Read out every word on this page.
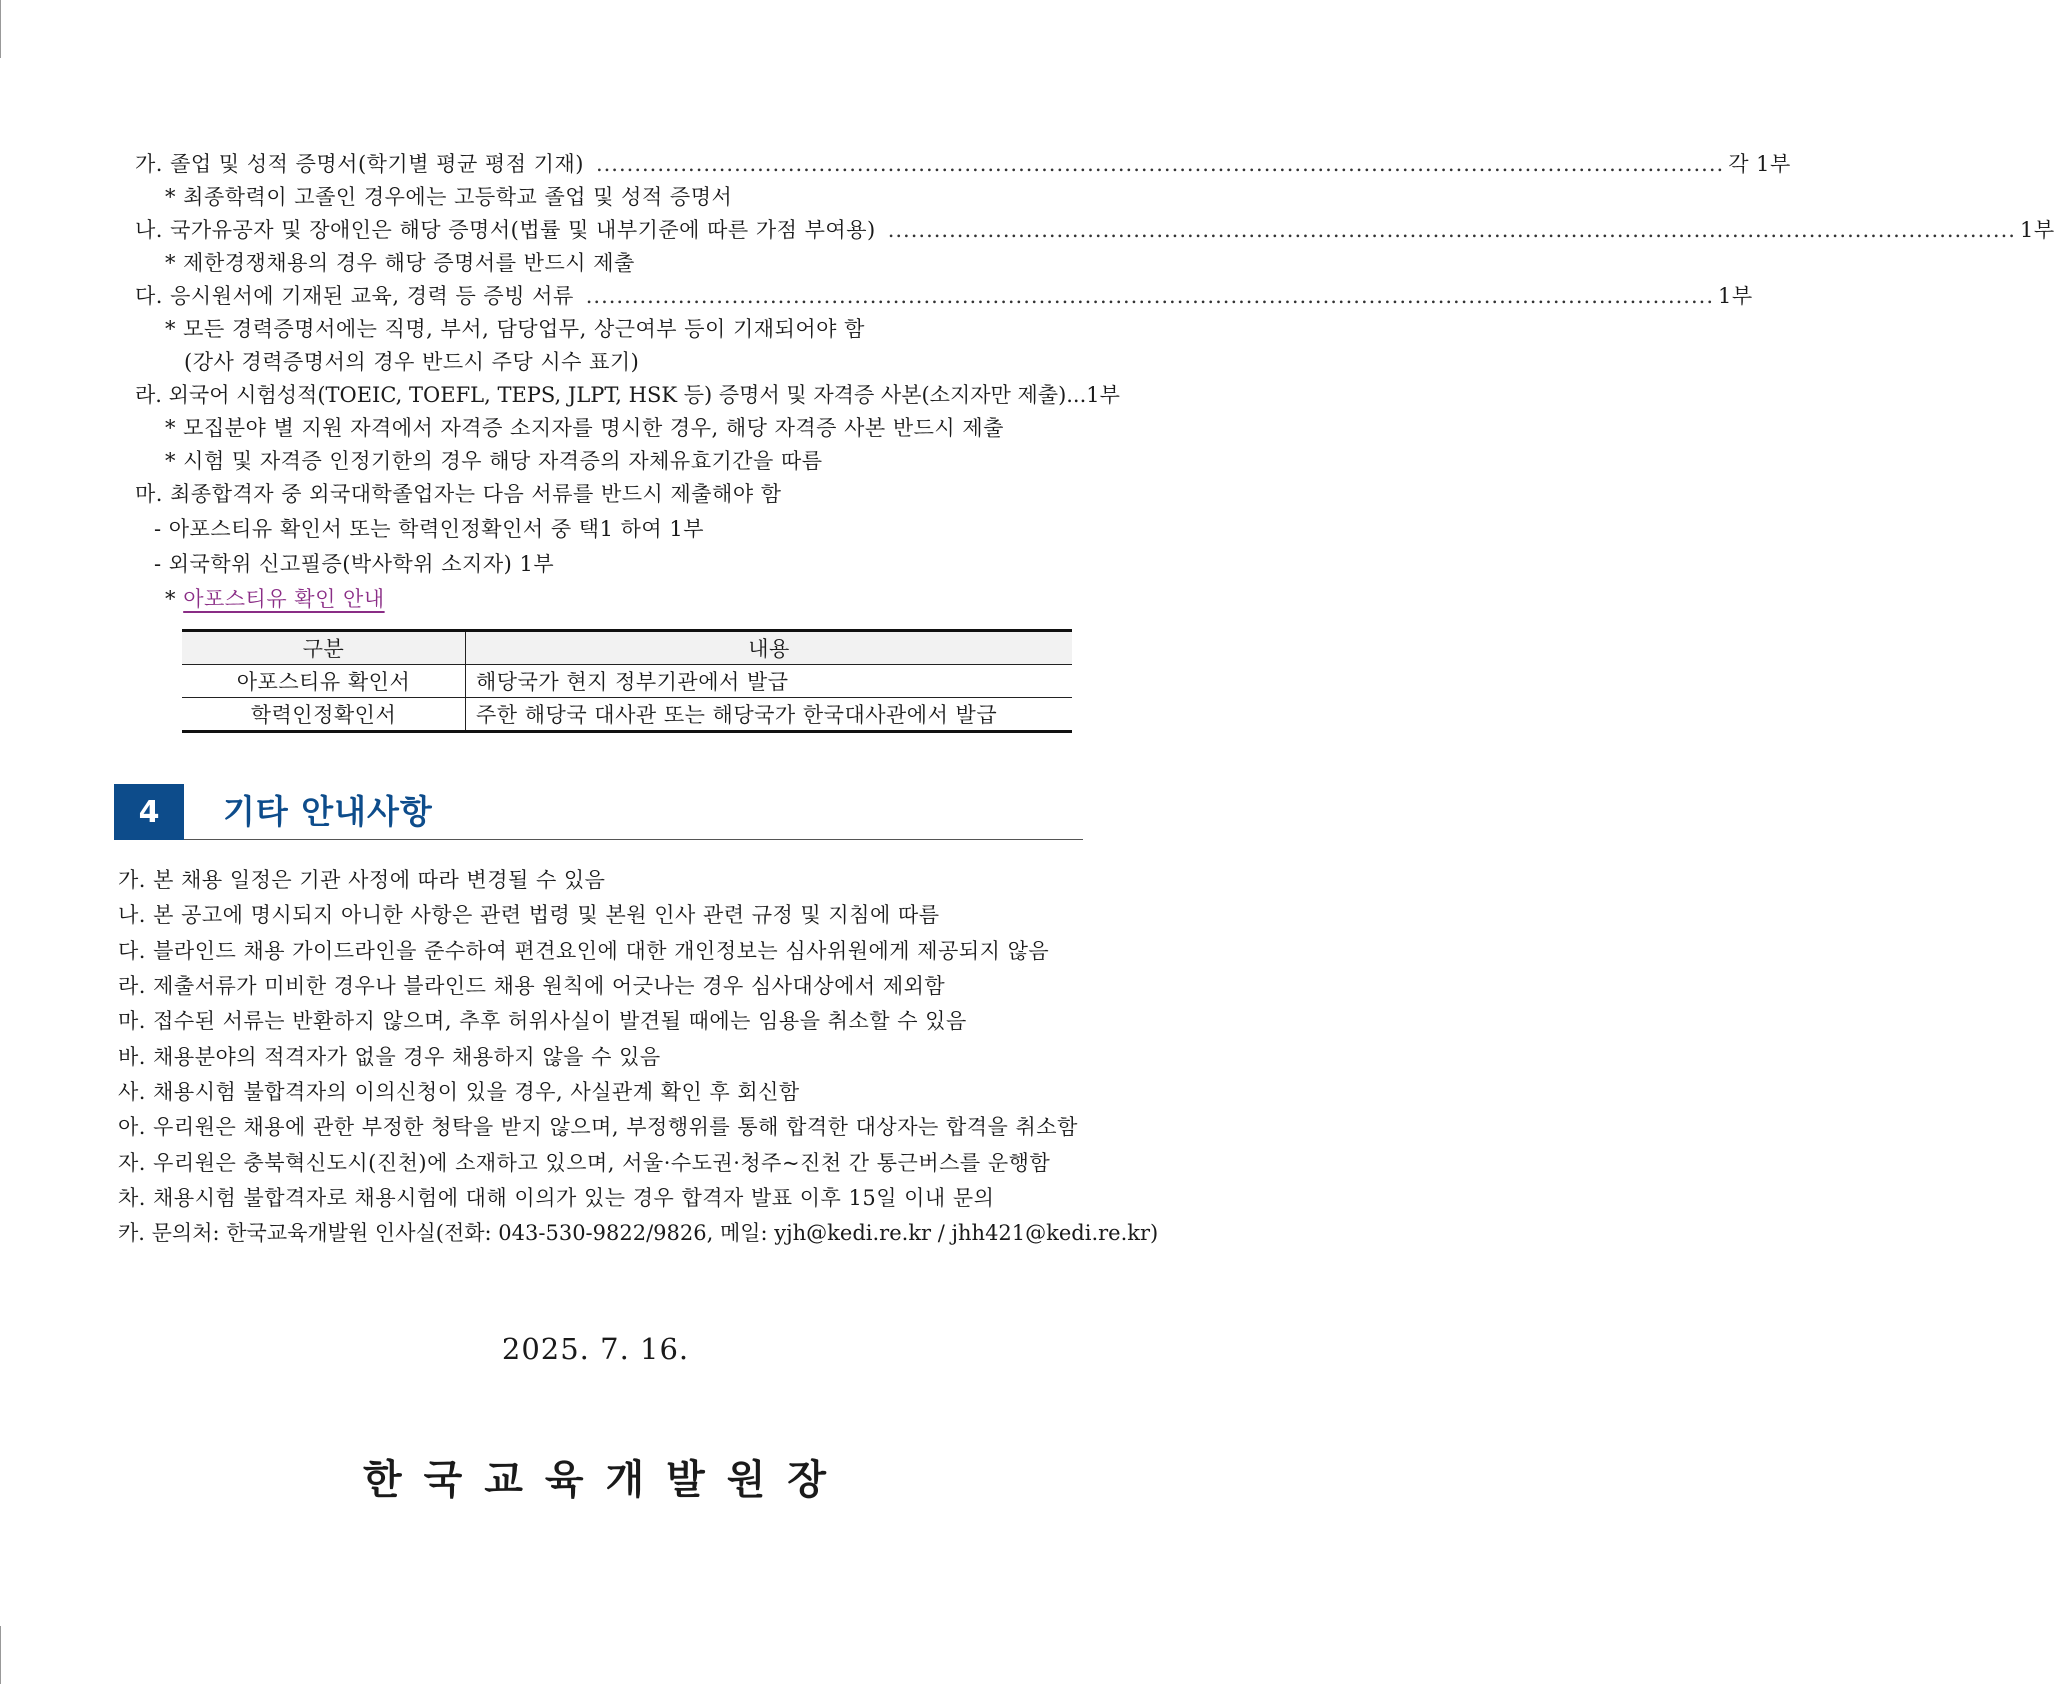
가. 졸업 및 성적 증명서(학기별 평균 평점 기재) ................................................................................................................................................... 각 1부
* 최종학력이 고졸인 경우에는 고등학교 졸업 및 성적 증명서
나. 국가유공자 및 장애인은 해당 증명서(법률 및 내부기준에 따른 가점 부여용) ................................................................................................................................................... 1부
* 제한경쟁채용의 경우 해당 증명서를 반드시 제출
다. 응시원서에 기재된 교육, 경력 등 증빙 서류 ................................................................................................................................................... 1부
* 모든 경력증명서에는 직명, 부서, 담당업무, 상근여부 등이 기재되어야 함
(강사 경력증명서의 경우 반드시 주당 시수 표기)
라. 외국어 시험성적(TOEIC, TOEFL, TEPS, JLPT, HSK 등) 증명서 및 자격증 사본(소지자만 제출)...1부
* 모집분야 별 지원 자격에서 자격증 소지자를 명시한 경우, 해당 자격증 사본 반드시 제출
* 시험 및 자격증 인정기한의 경우 해당 자격증의 자체유효기간을 따름
마. 최종합격자 중 외국대학졸업자는 다음 서류를 반드시 제출해야 함
- 아포스티유 확인서 또는 학력인정확인서 중 택1 하여 1부
- 외국학위 신고필증(박사학위 소지자) 1부
* 아포스티유 확인 안내
구분	내용
아포스티유 확인서	해당국가 현지 정부기관에서 발급
학력인정확인서	주한 해당국 대사관 또는 해당국가 한국대사관에서 발급
4	기타 안내사항
가. 본 채용 일정은 기관 사정에 따라 변경될 수 있음
나. 본 공고에 명시되지 아니한 사항은 관련 법령 및 본원 인사 관련 규정 및 지침에 따름
다. 블라인드 채용 가이드라인을 준수하여 편견요인에 대한 개인정보는 심사위원에게 제공되지 않음
라. 제출서류가 미비한 경우나 블라인드 채용 원칙에 어긋나는 경우 심사대상에서 제외함
마. 접수된 서류는 반환하지 않으며, 추후 허위사실이 발견될 때에는 임용을 취소할 수 있음
바. 채용분야의 적격자가 없을 경우 채용하지 않을 수 있음
사. 채용시험 불합격자의 이의신청이 있을 경우, 사실관계 확인 후 회신함
아. 우리원은 채용에 관한 부정한 청탁을 받지 않으며, 부정행위를 통해 합격한 대상자는 합격을 취소함
자. 우리원은 충북혁신도시(진천)에 소재하고 있으며, 서울·수도권·청주~진천 간 통근버스를 운행함
차. 채용시험 불합격자로 채용시험에 대해 이의가 있는 경우 합격자 발표 이후 15일 이내 문의
카. 문의처: 한국교육개발원 인사실(전화: 043-530-9822/9826, 메일: yjh@kedi.re.kr / jhh421@kedi.re.kr)
2025. 7. 16.
한국교육개발원장
